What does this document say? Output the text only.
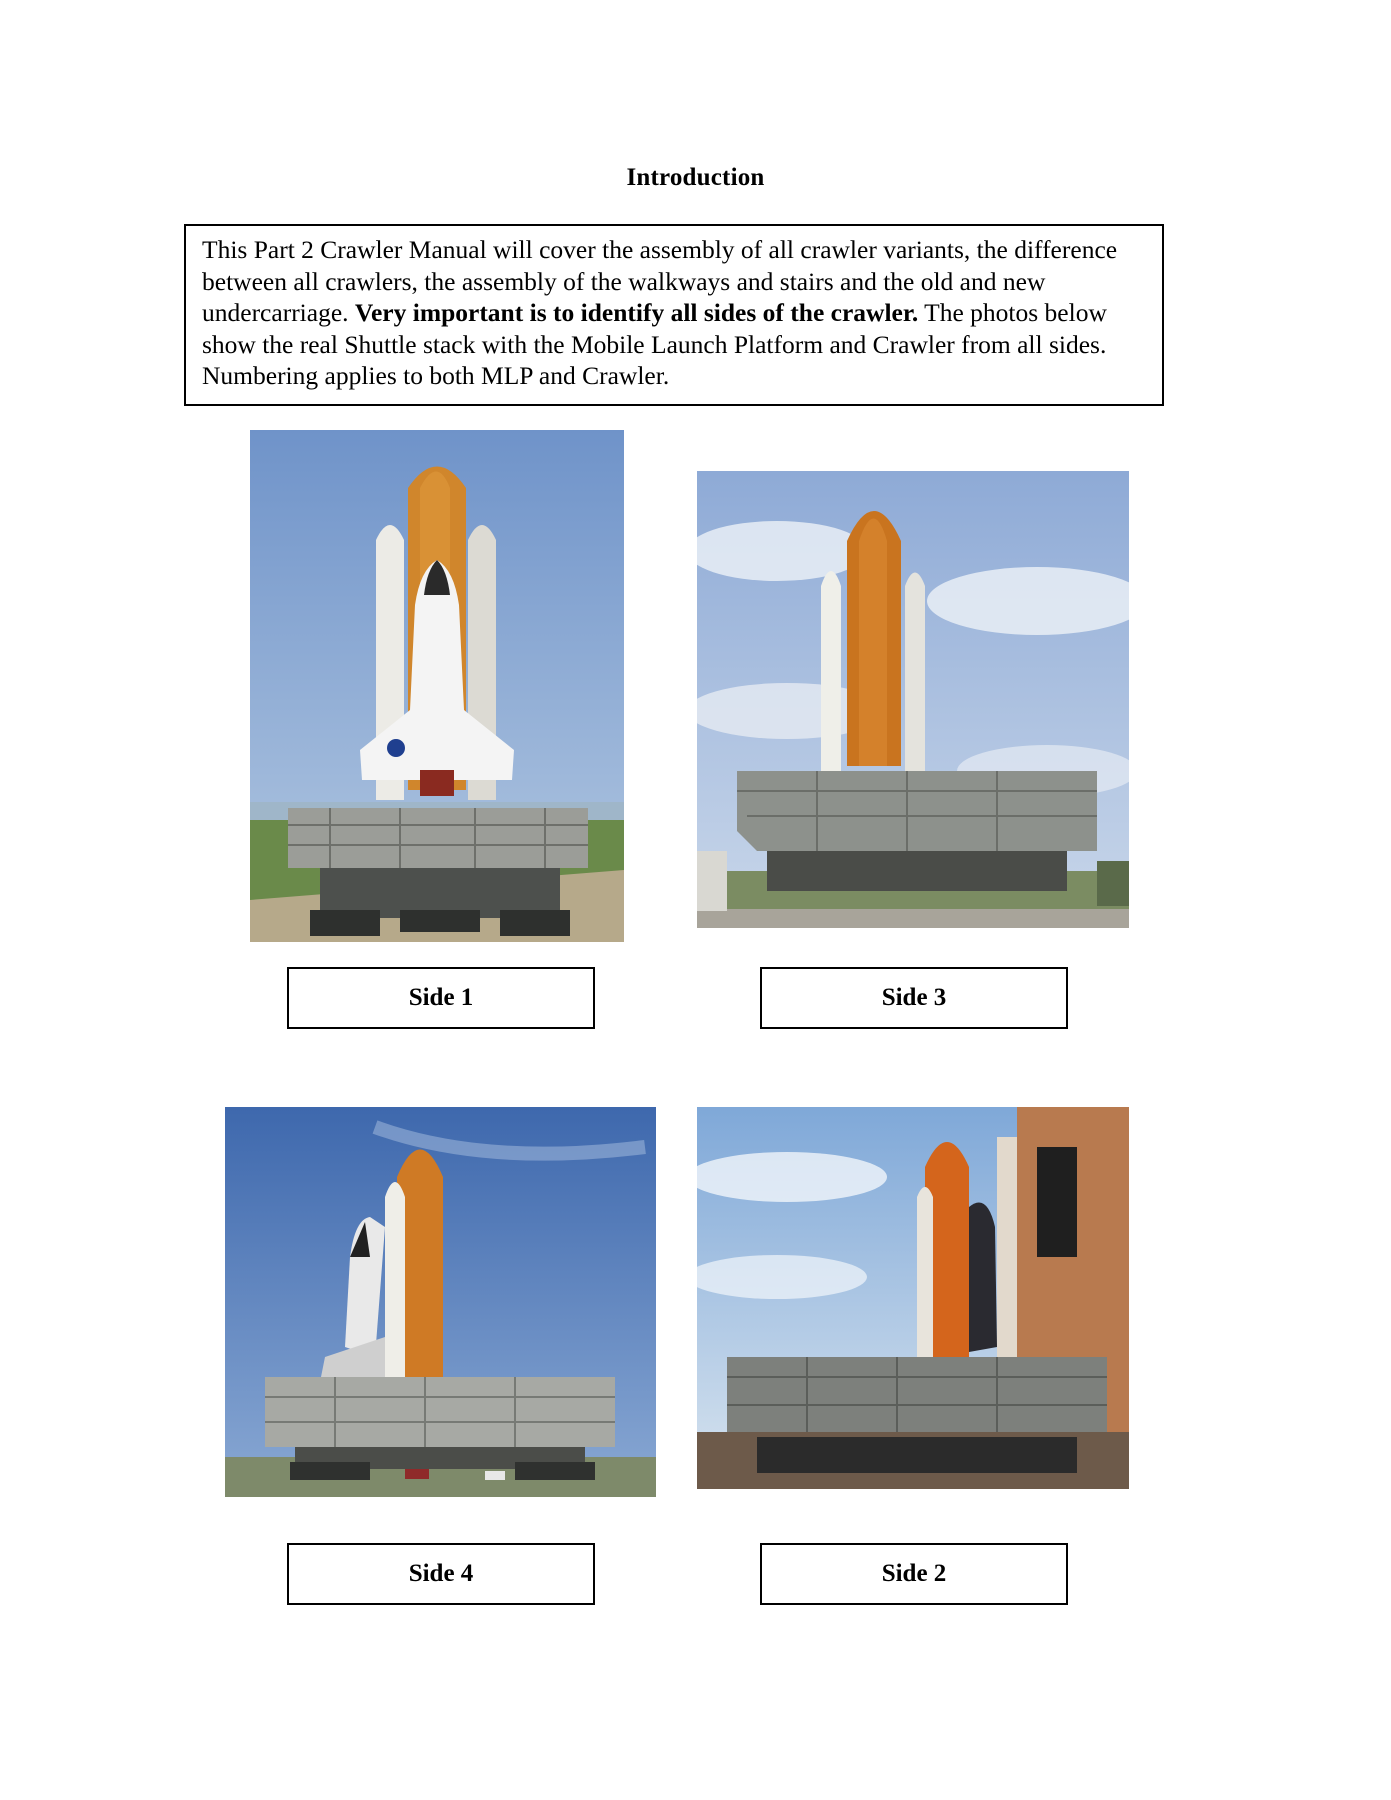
Introduction

This Part 2 Crawler Manual will cover the assembly of all crawler variants, the difference between all crawlers, the assembly of the walkways and stairs and the old and new undercarriage. Very important is to identify all sides of the crawler. The photos below show the real Shuttle stack with the Mobile Launch Platform and Crawler from all sides. Numbering applies to both MLP and Crawler.

Side 1	Side 3
Side 4	Side 2
